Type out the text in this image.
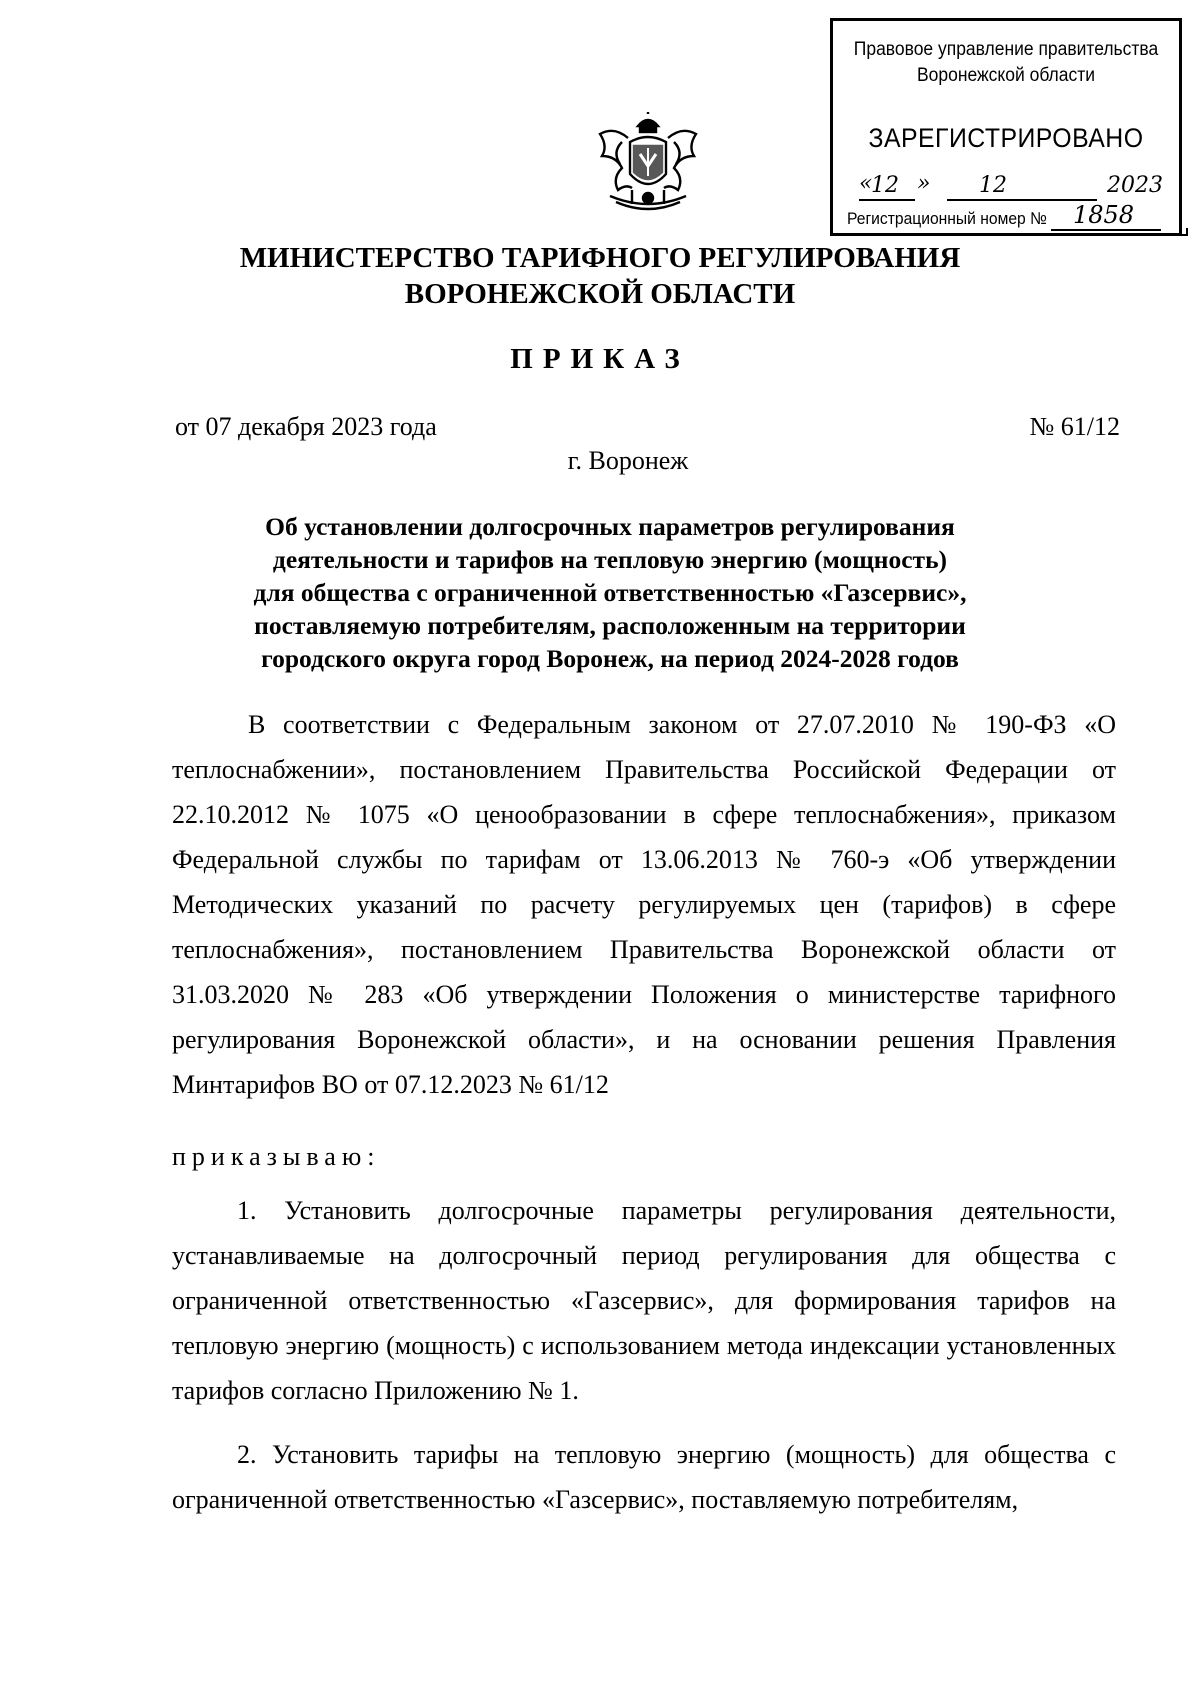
Правовое управление правительства
Воронежской области
ЗАРЕГИСТРИРОВАНО
«
12 » 12	2023
Регистрационный номер № 1858
МИНИСТЕРСТВО ТАРИФНОГО РЕГУЛИРОВАНИЯ
ВОРОНЕЖСКОЙ ОБЛАСТИ
ПРИКАЗ
от 07 декабря 2023 года	№ 61/12
г. Воронеж
Об установлении долгосрочных параметров регулирования
деятельности и тарифов на тепловую энергию (мощность)
для общества с ограниченной ответственностью «Газсервис»,
поставляемую потребителям, расположенным на территории
городского округа город Воронеж, на период 2024-2028 годов
В соответствии с Федеральным законом от 27.07.2010 № 190-ФЗ «О теплоснабжении», постановлением Правительства Российской Федерации от 22.10.2012 № 1075 «О ценообразовании в сфере теплоснабжения», приказом Федеральной службы по тарифам от 13.06.2013 № 760-э «Об утверждении Методических указаний по расчету регулируемых цен (тарифов) в сфере теплоснабжения», постановлением Правительства Воронежской области от 31.03.2020 № 283 «Об утверждении Положения о министерстве тарифного регулирования Воронежской области», и на основании решения Правления Минтарифов ВО от 07.12.2023 № 61/12
приказываю:
1. Установить долгосрочные параметры регулирования деятельности, устанавливаемые на долгосрочный период регулирования для общества с ограниченной ответственностью «Газсервис», для формирования тарифов на тепловую энергию (мощность) с использованием метода индексации установленных тарифов согласно Приложению № 1.
2. Установить тарифы на тепловую энергию (мощность) для общества с ограниченной ответственностью «Газсервис», поставляемую потребителям,
